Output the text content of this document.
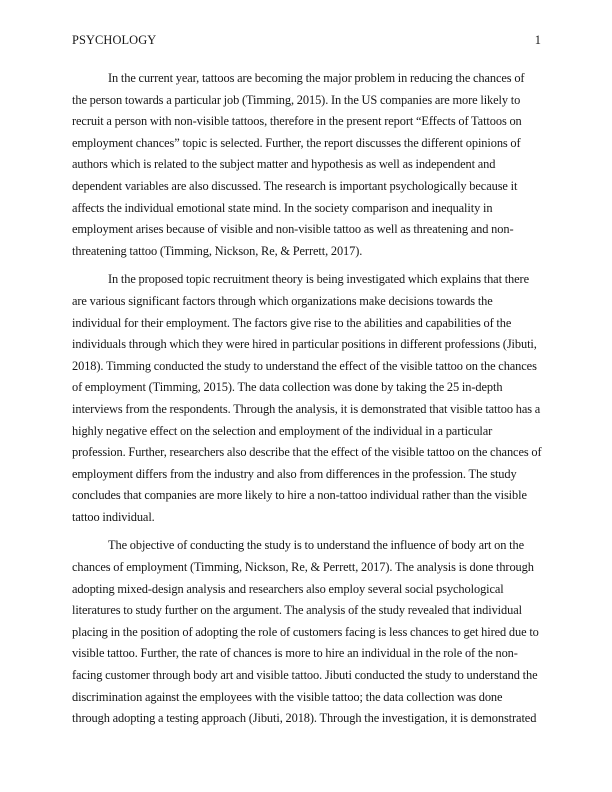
PSYCHOLOGY	1

In the current year, tattoos are becoming the major problem in reducing the chances of the person towards a particular job (Timming, 2015). In the US companies are more likely to recruit a person with non-visible tattoos, therefore in the present report “Effects of Tattoos on employment chances” topic is selected. Further, the report discusses the different opinions of authors which is related to the subject matter and hypothesis as well as independent and dependent variables are also discussed. The research is important psychologically because it affects the individual emotional state mind. In the society comparison and inequality in employment arises because of visible and non-visible tattoo as well as threatening and non-threatening tattoo (Timming, Nickson, Re, & Perrett, 2017).

In the proposed topic recruitment theory is being investigated which explains that there are various significant factors through which organizations make decisions towards the individual for their employment. The factors give rise to the abilities and capabilities of the individuals through which they were hired in particular positions in different professions (Jibuti, 2018). Timming conducted the study to understand the effect of the visible tattoo on the chances of employment (Timming, 2015). The data collection was done by taking the 25 in-depth interviews from the respondents. Through the analysis, it is demonstrated that visible tattoo has a highly negative effect on the selection and employment of the individual in a particular profession. Further, researchers also describe that the effect of the visible tattoo on the chances of employment differs from the industry and also from differences in the profession. The study concludes that companies are more likely to hire a non-tattoo individual rather than the visible tattoo individual.

The objective of conducting the study is to understand the influence of body art on the chances of employment (Timming, Nickson, Re, & Perrett, 2017). The analysis is done through adopting mixed-design analysis and researchers also employ several social psychological literatures to study further on the argument. The analysis of the study revealed that individual placing in the position of adopting the role of customers facing is less chances to get hired due to visible tattoo. Further, the rate of chances is more to hire an individual in the role of the non-facing customer through body art and visible tattoo. Jibuti conducted the study to understand the discrimination against the employees with the visible tattoo; the data collection was done through adopting a testing approach (Jibuti, 2018). Through the investigation, it is demonstrated
